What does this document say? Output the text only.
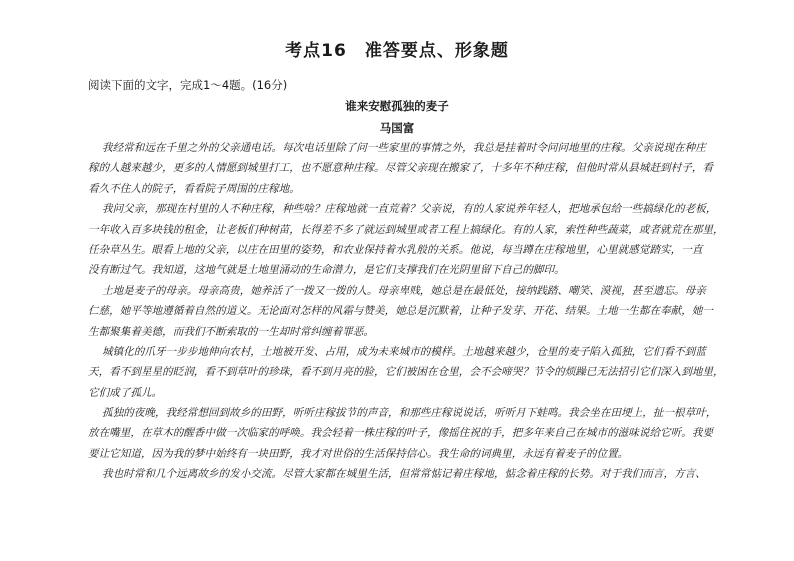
考点16 准答要点、形象题
阅读下面的文字，完成1～4题。(16分)
谁来安慰孤独的麦子
马国富
我经常和远在千里之外的父亲通电话。每次电话里除了问一些家里的事情之外，我总是挂着时令问问地里的庄稼。父亲说现在种庄
稼的人越来越少，更多的人情愿到城里打工，也不愿意种庄稼。尽管父亲现在搬家了，十多年不种庄稼，但他时常从县城赶到村子，看
看久不住人的院子，看看院子周围的庄稼地。
我问父亲，那现在村里的人不种庄稼，种些啥？庄稼地就一直荒着？父亲说，有的人家说养年轻人，把地承包给一些搞绿化的老板，
一年收入百多块钱的租金，让老板们种树苗，长得差不多了就运到城里或者工程上搞绿化。有的人家，索性种些蔬菜，或者就荒在那里，
任杂草丛生。眼看上地的父亲，以庄在田里的姿势，和农业保持着水乳般的关系。他说，每当蹲在庄稼地里，心里就感觉踏实，一直
没有断过气。我知道，这地气就是土地里涌动的生命潜力，是它们支撑我们在光阴里留下自己的脚印。
土地是麦子的母亲。母亲高贵，她养活了一拨又一拨的人。母亲卑贱，她总是在最低处，接纳践踏、嘲笑、漠视，甚至遗忘。母亲
仁慈，她平等地遵循着自然的道义。无论面对怎样的风霜与赞美，她总是沉默着，让种子发芽、开花、结果。土地一生都在奉献，她一
生都聚集着美德，而我们不断索取的一生却时常纠缠着罪恶。
城镇化的爪牙一步步地伸向农村，土地被开发、占用，成为未来城市的模样。土地越来越少，仓里的麦子陷入孤独，它们看不到蓝
天，看不到星星的眨润，看不到草叶的珍珠，看不到月亮的脸，它们被困在仓里，会不会啼哭？节令的烦躁已无法招引它们深入到地里，
它们成了孤儿。
孤独的夜晚，我经常想回到故乡的田野，听听庄稼拔节的声音，和那些庄稼说说话，听听月下蛙鸣。我会坐在田埂上，扯一根草叶，
放在嘴里，在草木的醒香中做一次临家的呼唤。我会轻着一株庄稼的叶子，像摇住祝的手，把多年来自己在城市的滋味说给它听。我要
要让它知道，因为我的梦中始终有一块田野，我才对世俗的生活保持信心。我生命的词典里，永远有着麦子的位置。
我也时常和几个远离故乡的发小交流。尽管大家都在城里生活，但常常惦记着庄稼地，惦念着庄稼的长势。对于我们而言，方言、
